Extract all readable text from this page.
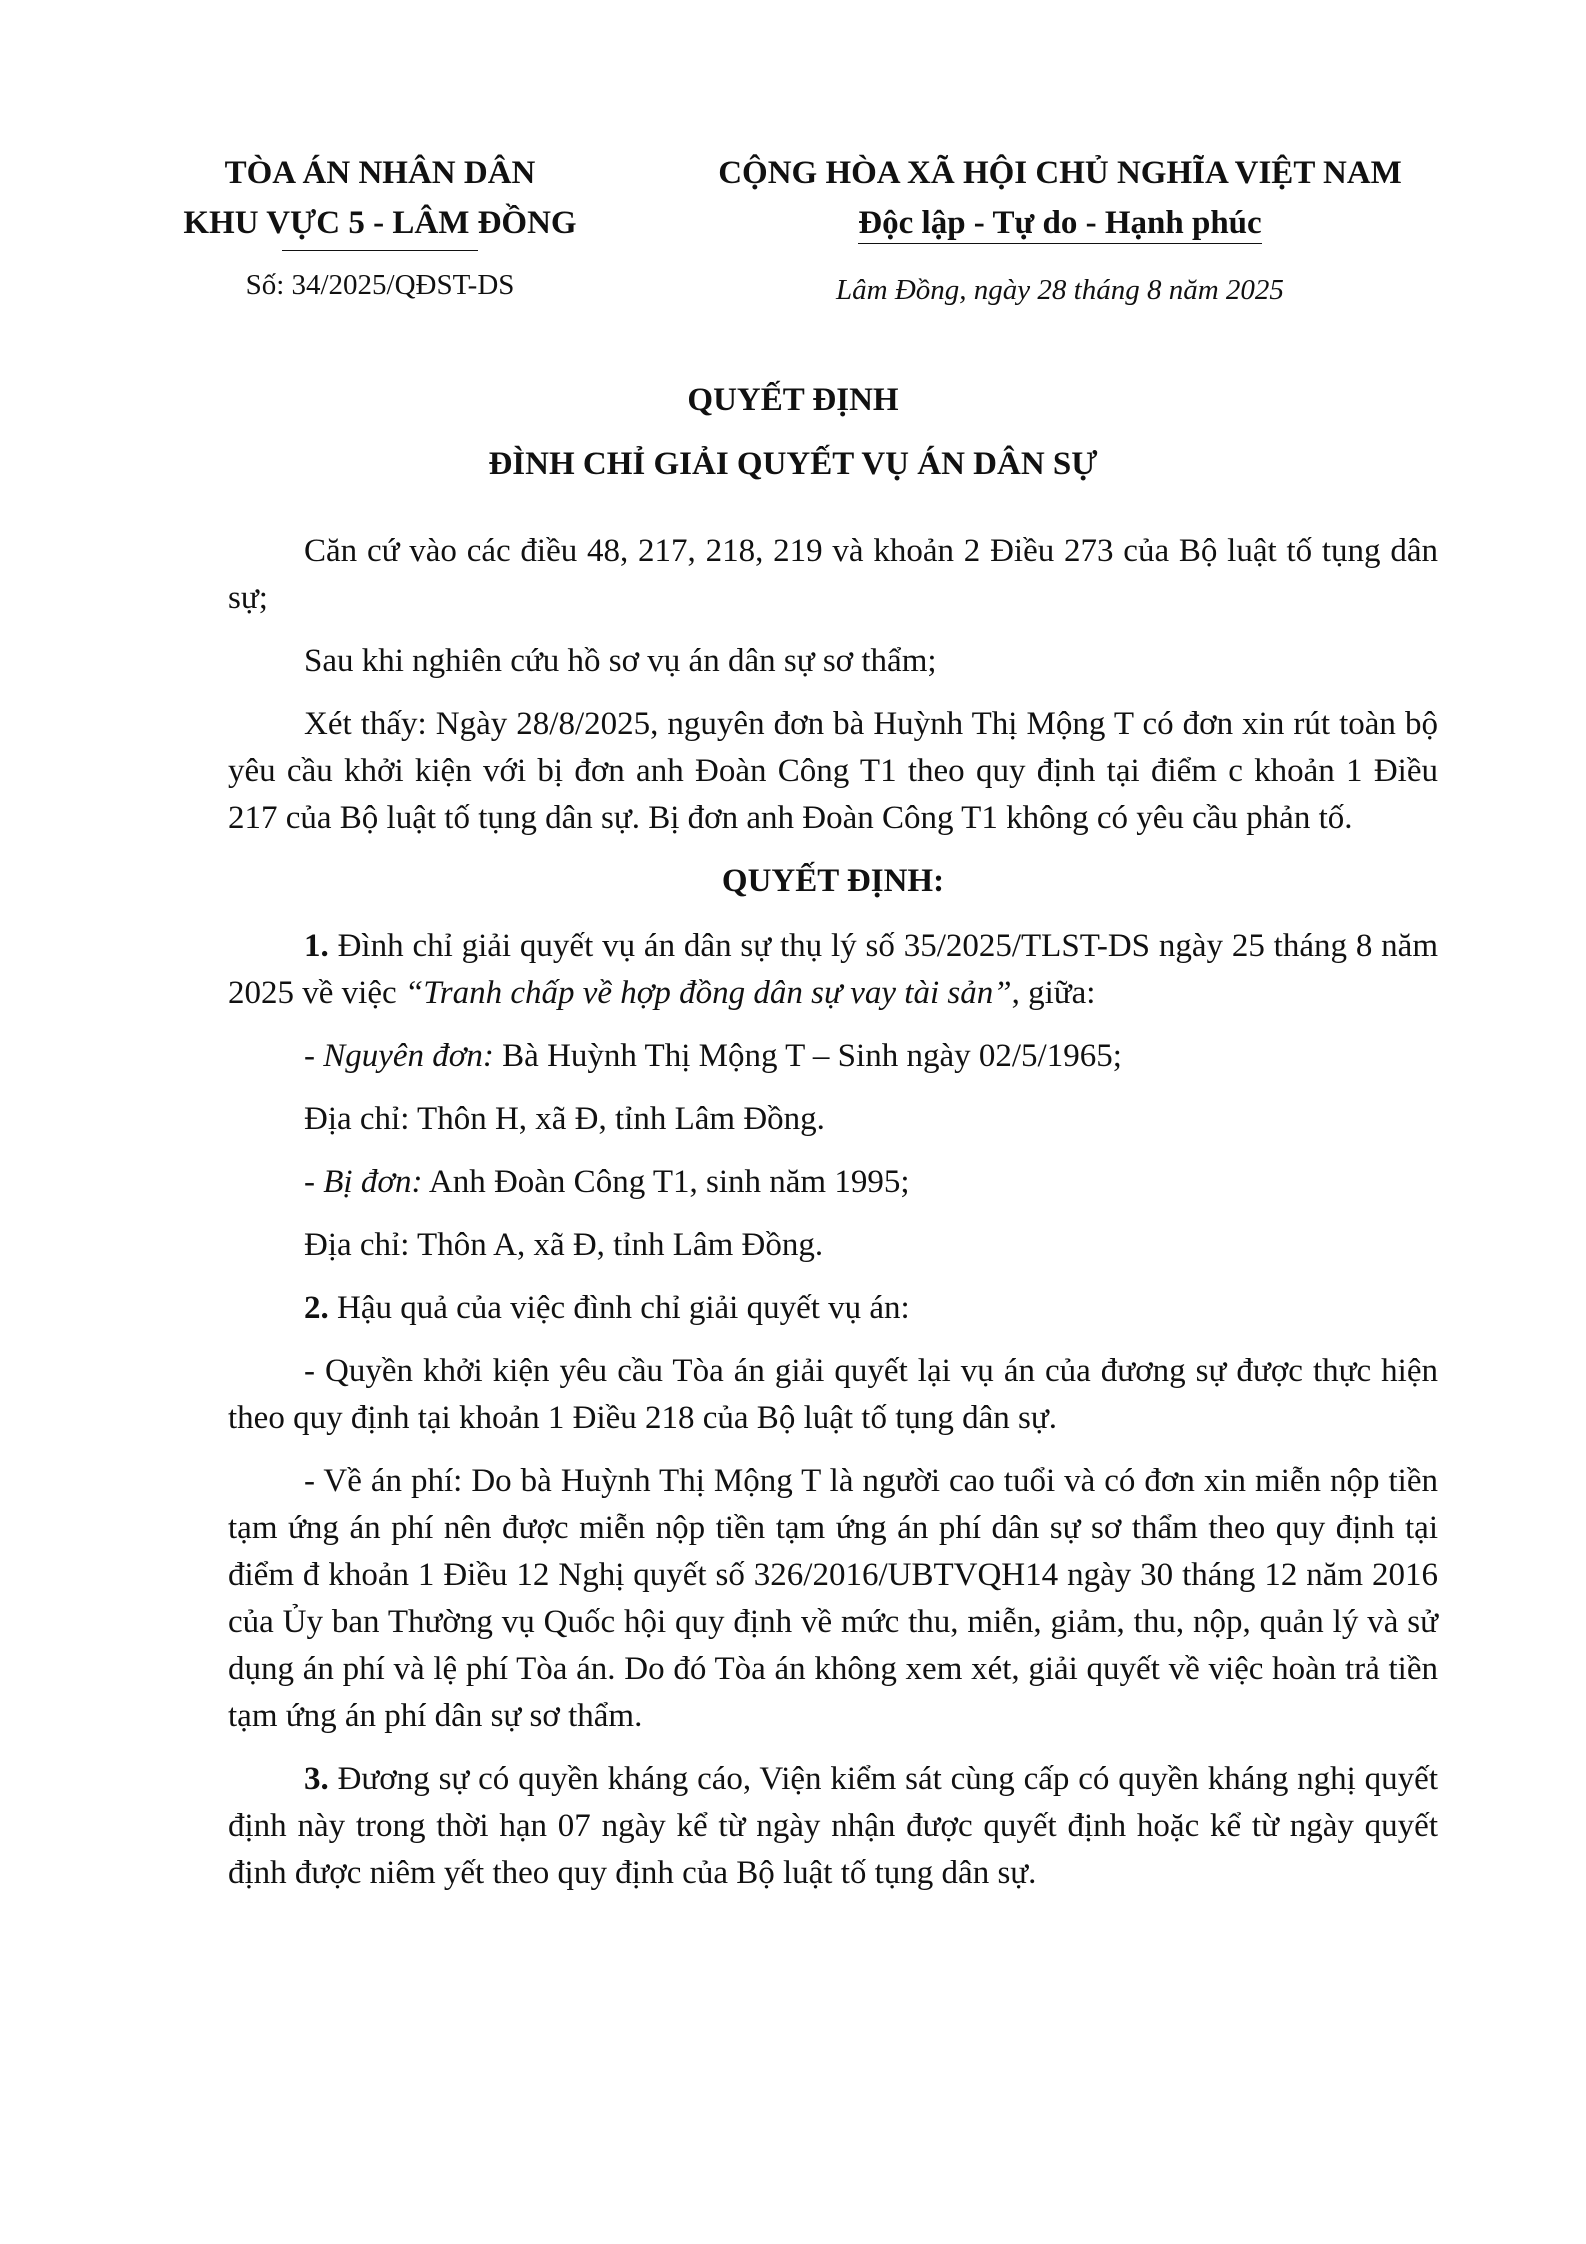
TÒA ÁN NHÂN DÂN
KHU VỰC 5 - LÂM ĐỒNG
Số: 34/2025/QĐST-DS
CỘNG HÒA XÃ HỘI CHỦ NGHĨA VIỆT NAM
Độc lập - Tự do - Hạnh phúc
Lâm Đồng, ngày 28 tháng 8 năm 2025
QUYẾT ĐỊNH
ĐÌNH CHỈ GIẢI QUYẾT VỤ ÁN DÂN SỰ

Căn cứ vào các điều 48, 217, 218, 219 và khoản 2 Điều 273 của Bộ luật tố tụng dân sự;

Sau khi nghiên cứu hồ sơ vụ án dân sự sơ thẩm;

Xét thấy: Ngày 28/8/2025, nguyên đơn bà Huỳnh Thị Mộng T có đơn xin rút toàn bộ yêu cầu khởi kiện với bị đơn anh Đoàn Công T1 theo quy định tại điểm c khoản 1 Điều 217 của Bộ luật tố tụng dân sự. Bị đơn anh Đoàn Công T1 không có yêu cầu phản tố.

QUYẾT ĐỊNH:

1. Đình chỉ giải quyết vụ án dân sự thụ lý số 35/2025/TLST-DS ngày 25 tháng 8 năm 2025 về việc “Tranh chấp về hợp đồng dân sự vay tài sản”, giữa:

- Nguyên đơn: Bà Huỳnh Thị Mộng T – Sinh ngày 02/5/1965;

Địa chỉ: Thôn H, xã Đ, tỉnh Lâm Đồng.

- Bị đơn: Anh Đoàn Công T1, sinh năm 1995;

Địa chỉ: Thôn A, xã Đ, tỉnh Lâm Đồng.

2. Hậu quả của việc đình chỉ giải quyết vụ án:

- Quyền khởi kiện yêu cầu Tòa án giải quyết lại vụ án của đương sự được thực hiện theo quy định tại khoản 1 Điều 218 của Bộ luật tố tụng dân sự.

- Về án phí: Do bà Huỳnh Thị Mộng T là người cao tuổi và có đơn xin miễn nộp tiền tạm ứng án phí nên được miễn nộp tiền tạm ứng án phí dân sự sơ thẩm theo quy định tại điểm đ khoản 1 Điều 12 Nghị quyết số 326/2016/UBTVQH14 ngày 30 tháng 12 năm 2016 của Ủy ban Thường vụ Quốc hội quy định về mức thu, miễn, giảm, thu, nộp, quản lý và sử dụng án phí và lệ phí Tòa án. Do đó Tòa án không xem xét, giải quyết về việc hoàn trả tiền tạm ứng án phí dân sự sơ thẩm.

3. Đương sự có quyền kháng cáo, Viện kiểm sát cùng cấp có quyền kháng nghị quyết định này trong thời hạn 07 ngày kể từ ngày nhận được quyết định hoặc kể từ ngày quyết định được niêm yết theo quy định của Bộ luật tố tụng dân sự.
